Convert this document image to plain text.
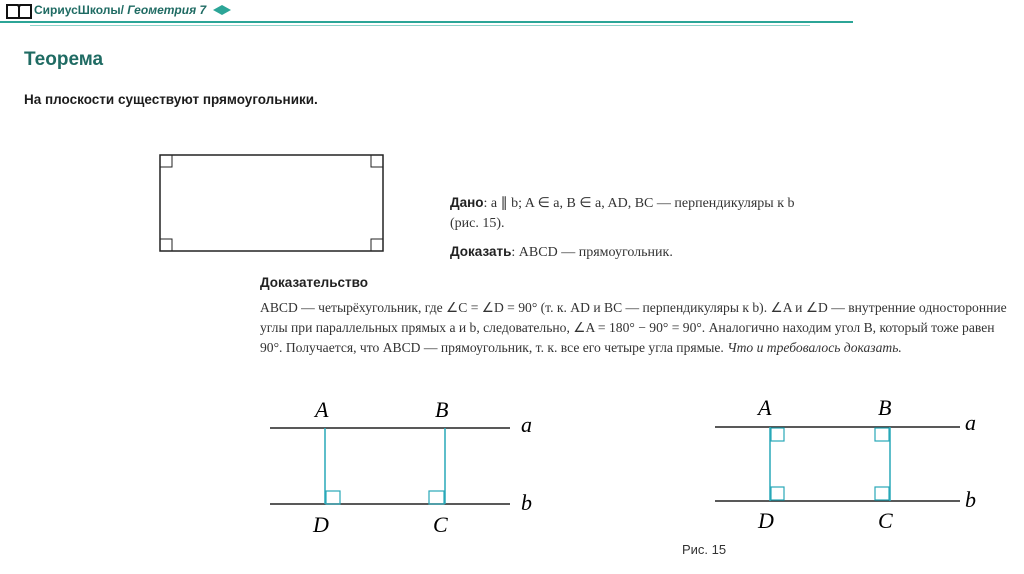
СириусШколы/ Геометрия 7
Теорема
На плоскости существуют прямоугольники.
Дано: a ∥ b; A ∈ a, B ∈ a, AD, BC — перпендикуляры к b
(рис. 15).
Доказать: ABCD — прямоугольник.
Доказательство
ABCD — четырёхугольник, где ∠C = ∠D = 90° (т. к. AD и BC — перпендикуляры к b). ∠A и ∠D — внутренние односторонние углы при параллельных прямых a и b, следовательно, ∠A = 180° − 90° = 90°. Аналогично находим угол B, который тоже равен 90°. Получается, что ABCD — прямоугольник, т. к. все его четыре угла прямые. Что и требовалось доказать.
A	B
D	C
a
b
A	B
D	C
a
b
Рис. 15
